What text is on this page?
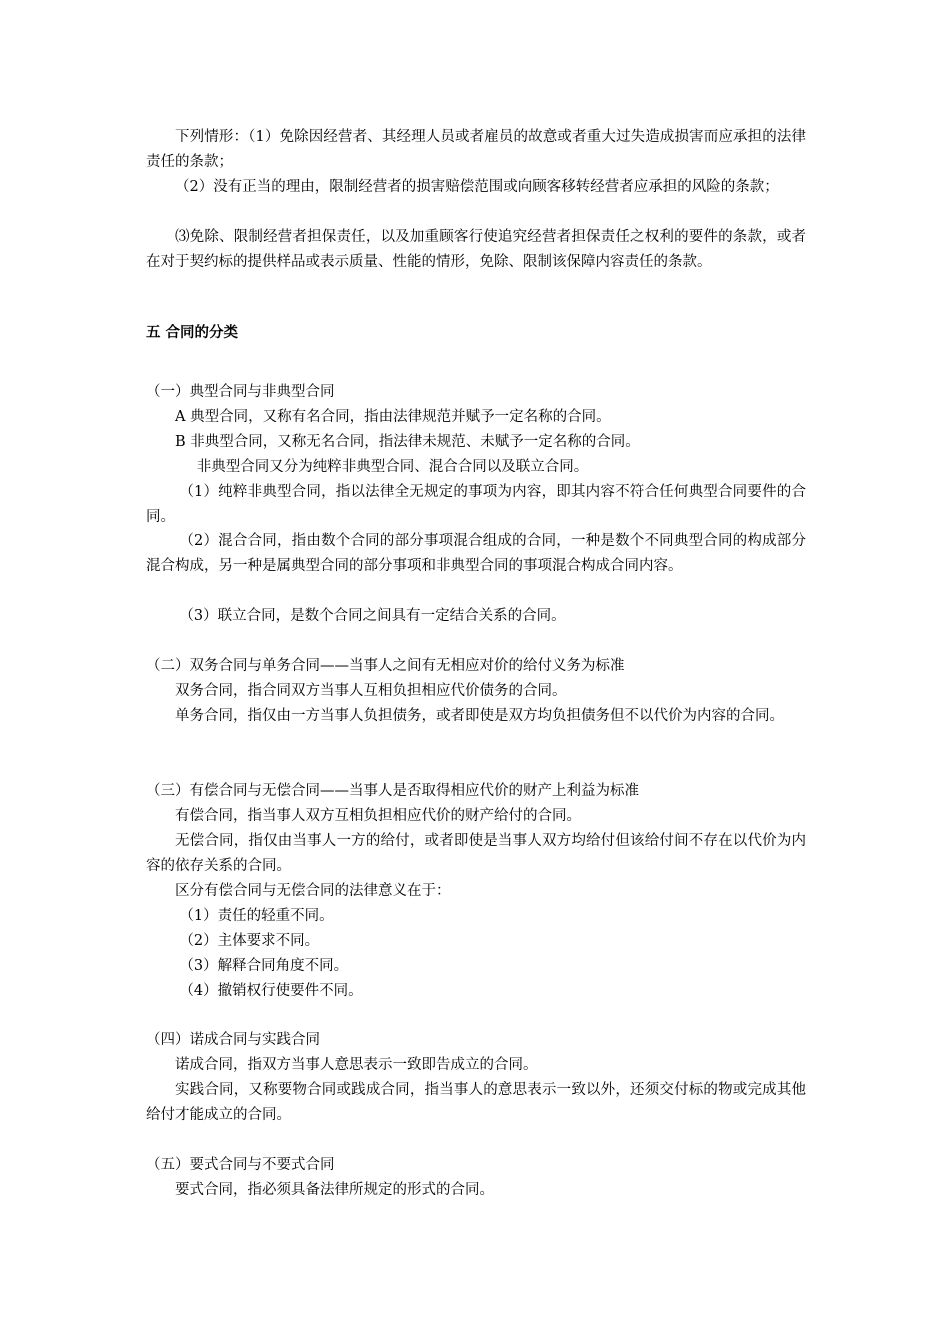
下列情形：（1）免除因经营者、其经理人员或者雇员的故意或者重大过失造成损害而应承担的法律责任的条款；

（2）没有正当的理由，限制经营者的损害赔偿范围或向顾客移转经营者应承担的风险的条款；

⑶免除、限制经营者担保责任，以及加重顾客行使追究经营者担保责任之权利的要件的条款，或者在对于契约标的提供样品或表示质量、性能的情形，免除、限制该保障内容责任的条款。

五 合同的分类

（一）典型合同与非典型合同

A 典型合同，又称有名合同，指由法律规范并赋予一定名称的合同。

B 非典型合同，又称无名合同，指法律未规范、未赋予一定名称的合同。

非典型合同又分为纯粹非典型合同、混合合同以及联立合同。

（1）纯粹非典型合同，指以法律全无规定的事项为内容，即其内容不符合任何典型合同要件的合同。

（2）混合合同，指由数个合同的部分事项混合组成的合同，一种是数个不同典型合同的构成部分混合构成，另一种是属典型合同的部分事项和非典型合同的事项混合构成合同内容。

（3）联立合同，是数个合同之间具有一定结合关系的合同。

（二）双务合同与单务合同——当事人之间有无相应对价的给付义务为标准

双务合同，指合同双方当事人互相负担相应代价债务的合同。

单务合同，指仅由一方当事人负担债务，或者即使是双方均负担债务但不以代价为内容的合同。

（三）有偿合同与无偿合同——当事人是否取得相应代价的财产上利益为标准

有偿合同，指当事人双方互相负担相应代价的财产给付的合同。

无偿合同，指仅由当事人一方的给付，或者即使是当事人双方均给付但该给付间不存在以代价为内容的依存关系的合同。

区分有偿合同与无偿合同的法律意义在于：

（1）责任的轻重不同。

（2）主体要求不同。

（3）解释合同角度不同。

（4）撤销权行使要件不同。

（四）诺成合同与实践合同

诺成合同，指双方当事人意思表示一致即告成立的合同。

实践合同，又称要物合同或践成合同，指当事人的意思表示一致以外，还须交付标的物或完成其他给付才能成立的合同。

（五）要式合同与不要式合同

要式合同，指必须具备法律所规定的形式的合同。
